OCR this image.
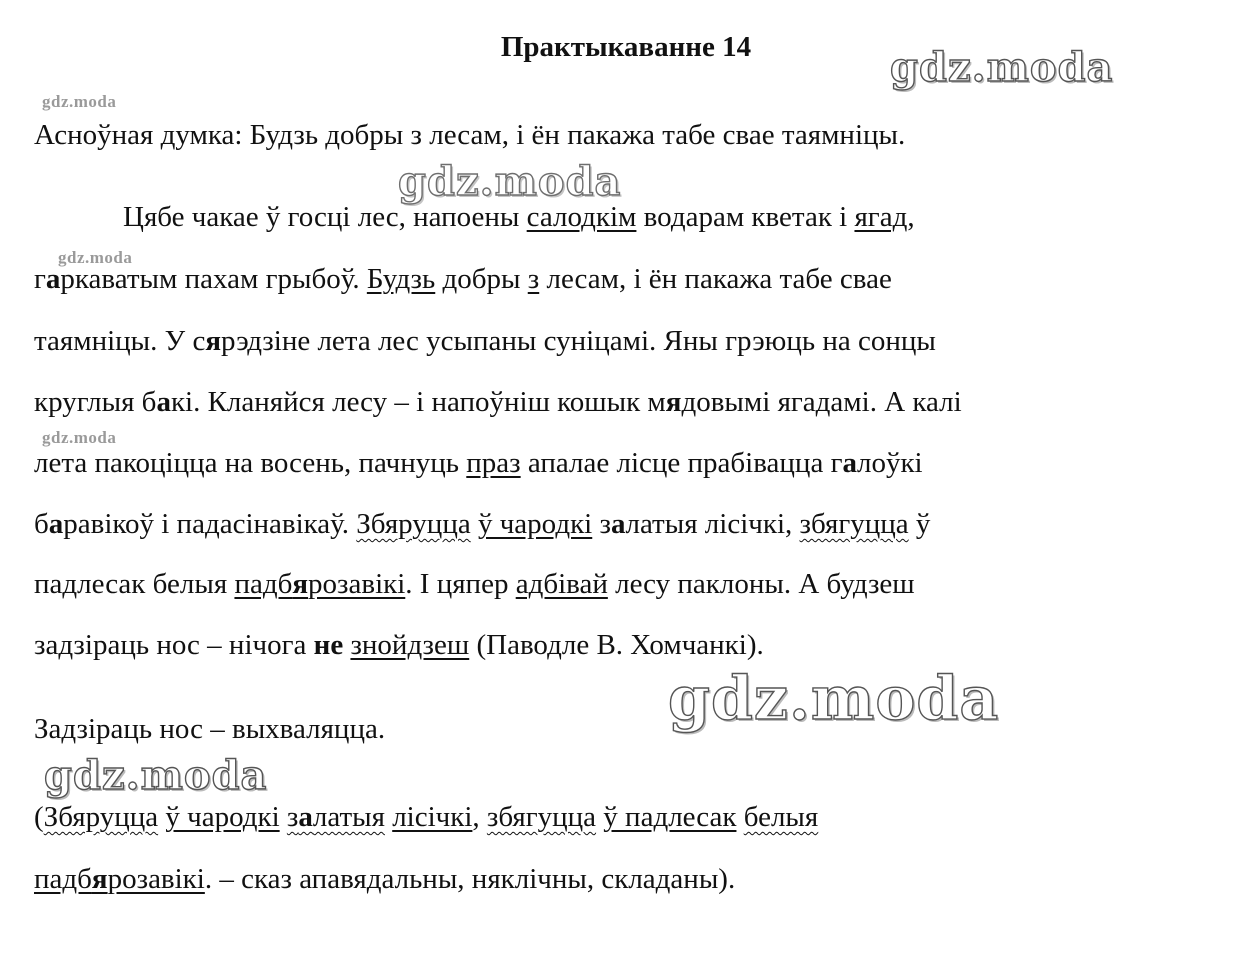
gdz.moda
gdz.moda
gdz.moda
gdz.moda
gdz.moda
gdz.moda
gdz.moda
Практыкаванне 14
Асноўная думка: Будзь добры з лесам, і ён пакажа табе свае таямніцы.
Цябе чакае ў госці лес, напоены салодкім водарам кветак і ягад,
гаркаватым пахам грыбоў. Будзь добры з лесам, і ён пакажа табе свае
таямніцы. У сярэдзіне лета лес усыпаны суніцамі. Яны грэюць на сонцы
круглыя бакі. Кланяйся лесу – і напоўніш кошык мядовымі ягадамі. А калі
лета пакоціцца на восень, пачнуць праз апалае лісце прабівацца галоўкі
баравікоў і падасінавікаў. Збяруцца ў чародкі залатыя лісічкі, збягуцца ў
падлесак белыя падбярозавікі. І цяпер адбівай лесу паклоны. А будзеш
задзіраць нос – нічога не знойдзеш (Паводле В. Хомчанкі).
Задзіраць нос – выхваляцца.
(Збяруцца ў чародкі залатыя лісічкі, збягуцца ў падлесак белыя
падбярозавікі. – сказ апавядальны, няклічны, складаны).
